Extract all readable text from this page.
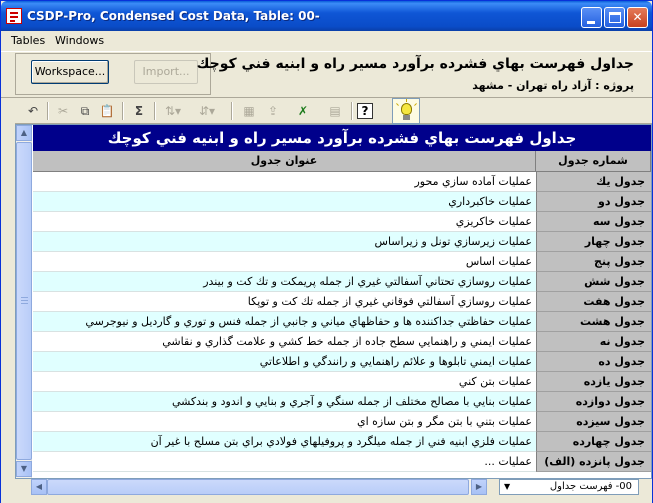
CSDP-Pro, Condensed Cost Data, Table: 00-	✕
Tables Windows
Workspace...	Import... جداول فهرست بهاي فشرده برآورد مسير راه و ابنيه فني كوچك
پروژه : آزاد راه تهران - مشهد
↶	✂	⧉ 📋	Σ	⇅▾	⇵▾	▦	⇪	✗	▤	?
▲
▼
جداول فهرست بهاي فشرده برآورد مسير راه و ابنيه فني كوچك
عنوان جدول	شماره جدول
عمليات آماده سازي محور	جدول يك
عمليات خاكبرداري	جدول دو
عمليات خاكريزي	جدول سه
عمليات زيرسازي تونل و زيراساس	جدول چهار
عمليات اساس	جدول پنج
عمليات روسازي تحتاني آسفالتي غيري از جمله پريمكت و تك كت و بيندر	جدول شش
عمليات روسازي آسفالتي فوقاني غيري از جمله تك كت و توپكا	جدول هفت
عمليات حفاظتي جداكننده ها و حفاظهاي مياني و جانبي از جمله فنس و توري و گارديل و نيوجرسي	جدول هشت
عمليات ايمني و راهنمايي سطح جاده از جمله خط كشي و علامت گذاري و نقاشي	جدول نه
عمليات ايمني تابلوها و علائم راهنمايي و رانندگي و اطلاعاتي	جدول ده
عمليات بتن كني	جدول يازده
عمليات بنايي با مصالح مختلف از جمله سنگي و آجري و بنايي و اندود و بندكشي	جدول دوازده
عمليات بتني با بتن مگر و بتن سازه اي	جدول سيزده
عمليات فلزي ابنيه فني از جمله ميلگرد و پروفيلهاي فولادي براي بتن مسلح با غير آن	جدول چهارده
عمليات ...	جدول پانزده (الف)
◀	▶	00- فهرست جداول
▼
